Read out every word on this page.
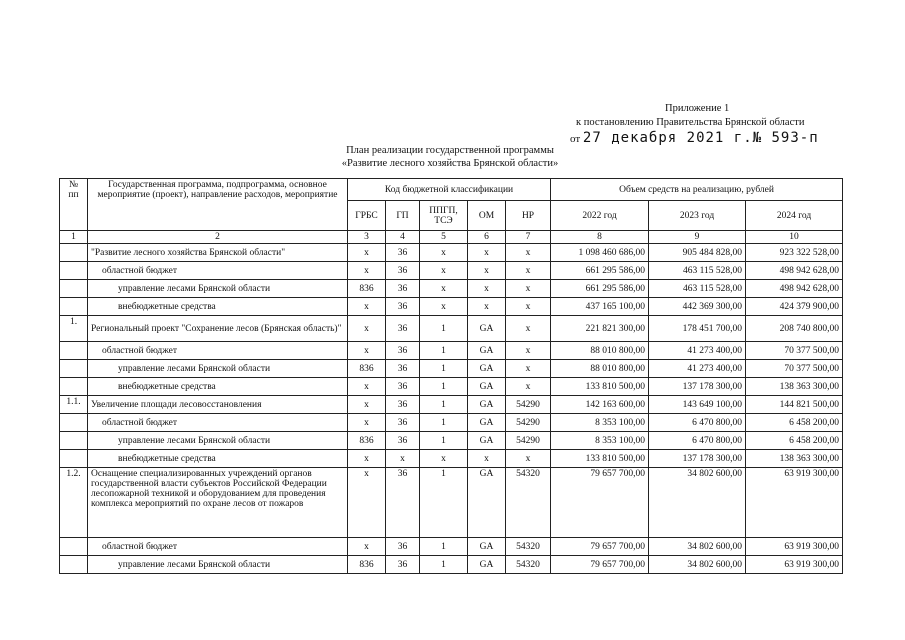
Приложение 1
к постановлению Правительства Брянской области
от 27 декабря 2021 г.№ 593-п
План реализации государственной программы
«Развитие лесного хозяйства Брянской области»
№ пп	Государственная программа, подпрограмма, основное мероприятие (проект), направление расходов, мероприятие	Код бюджетной классификации					Объем средств на реализацию, рублей		
		ГРБС	ГП	ППГП, ТСЭ	ОМ	НР	2022 год	2023 год	2024 год
1	2	3	4	5	6	7	8	9	10
	"Развитие лесного хозяйства Брянской области"	х	36	х	х	х	1 098 460 686,00	905 484 828,00	923 322 528,00
	областной бюджет	х	36	х	х	х	661 295 586,00	463 115 528,00	498 942 628,00
	управление лесами Брянской области	836	36	х	х	х	661 295 586,00	463 115 528,00	498 942 628,00
	внебюджетные средства	х	36	х	х	х	437 165 100,00	442 369 300,00	424 379 900,00
1.	Региональный проект "Сохранение лесов (Брянская область)"	х	36	1	GA	х	221 821 300,00	178 451 700,00	208 740 800,00
	областной бюджет	х	36	1	GA	х	88 010 800,00	41 273 400,00	70 377 500,00
	управление лесами Брянской области	836	36	1	GA	х	88 010 800,00	41 273 400,00	70 377 500,00
	внебюджетные средства	х	36	1	GA	х	133 810 500,00	137 178 300,00	138 363 300,00
1.1.	Увеличение площади лесовосстановления	х	36	1	GA	54290	142 163 600,00	143 649 100,00	144 821 500,00
	областной бюджет	х	36	1	GA	54290	8 353 100,00	6 470 800,00	6 458 200,00
	управление лесами Брянской области	836	36	1	GA	54290	8 353 100,00	6 470 800,00	6 458 200,00
	внебюджетные средства	х	х	х	х	х	133 810 500,00	137 178 300,00	138 363 300,00
1.2.	Оснащение специализированных учреждений органов государственной власти субъектов Российской Федерации лесопожарной техникой и оборудованием для проведения комплекса мероприятий по охране лесов от пожаров	х	36	1	GA	54320	79 657 700,00	34 802 600,00	63 919 300,00
	областной бюджет	х	36	1	GA	54320	79 657 700,00	34 802 600,00	63 919 300,00
	управление лесами Брянской области	836	36	1	GA	54320	79 657 700,00	34 802 600,00	63 919 300,00
